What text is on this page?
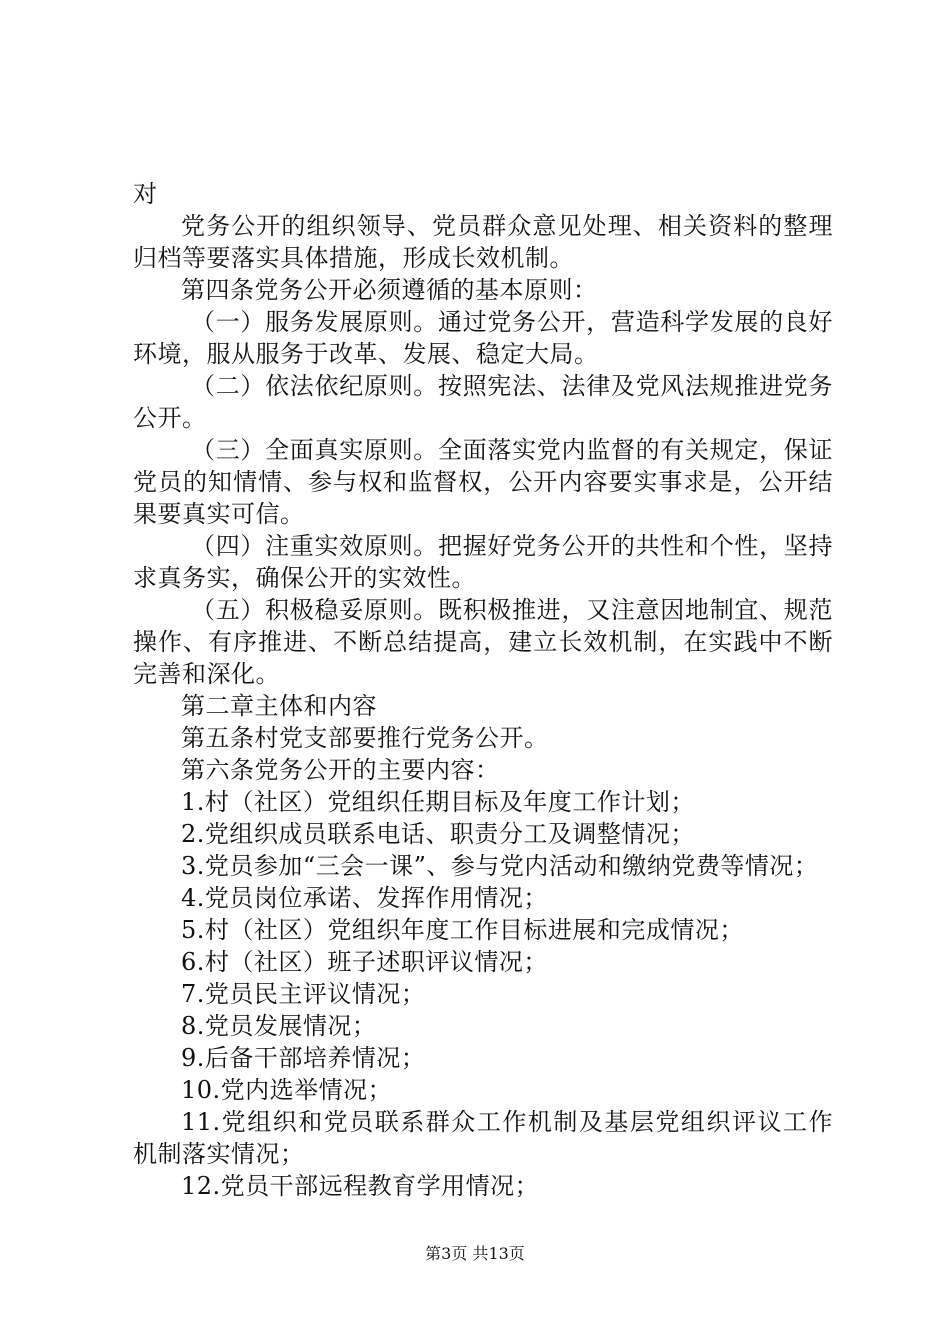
对

党务公开的组织领导、党员群众意见处理、相关资料的整理归档等要落实具体措施，形成长效机制。

第四条党务公开必须遵循的基本原则：

（一）服务发展原则。通过党务公开，营造科学发展的良好环境，服从服务于改革、发展、稳定大局。

（二）依法依纪原则。按照宪法、法律及党风法规推进党务公开。

（三）全面真实原则。全面落实党内监督的有关规定，保证党员的知情情、参与权和监督权，公开内容要实事求是，公开结果要真实可信。

（四）注重实效原则。把握好党务公开的共性和个性，坚持求真务实，确保公开的实效性。

（五）积极稳妥原则。既积极推进，又注意因地制宜、规范操作、有序推进、不断总结提高，建立长效机制，在实践中不断完善和深化。

第二章主体和内容

第五条村党支部要推行党务公开。

第六条党务公开的主要内容：

1.村（社区）党组织任期目标及年度工作计划；

2.党组织成员联系电话、职责分工及调整情况；

3.党员参加“三会一课”、参与党内活动和缴纳党费等情况；

4.党员岗位承诺、发挥作用情况；

5.村（社区）党组织年度工作目标进展和完成情况；

6.村（社区）班子述职评议情况；

7.党员民主评议情况；

8.党员发展情况；

9.后备干部培养情况；

10.党内选举情况；

11.党组织和党员联系群众工作机制及基层党组织评议工作机制落实情况；

12.党员干部远程教育学用情况；

第3页 共13页
